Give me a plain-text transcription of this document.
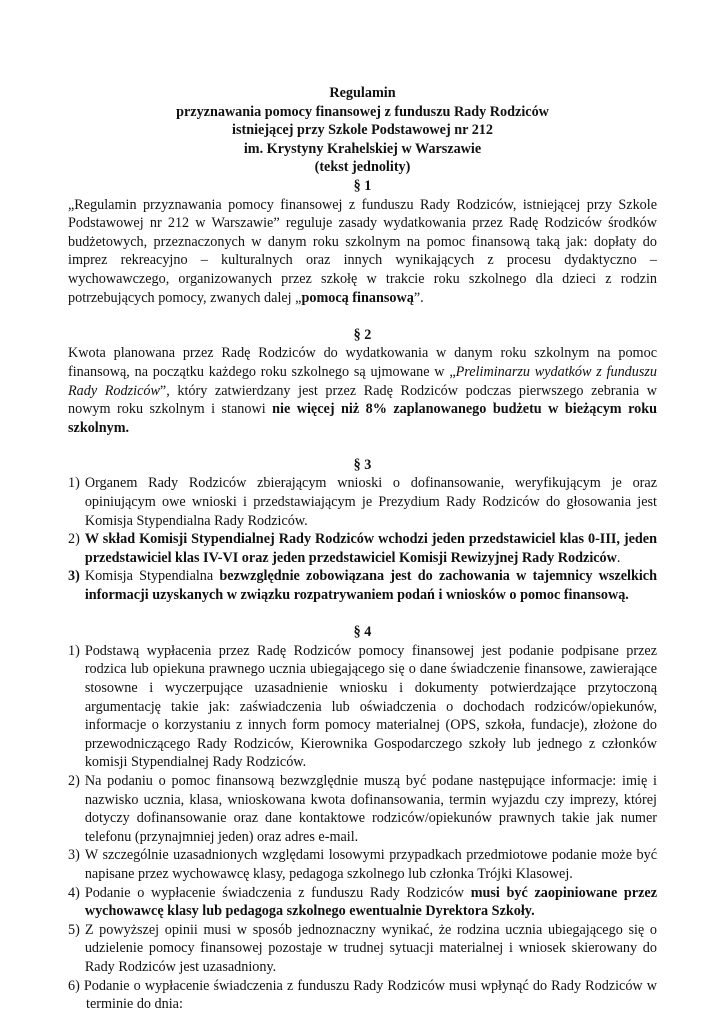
Regulamin
przyznawania pomocy finansowej z funduszu Rady Rodziców
istniejącej przy Szkole Podstawowej nr 212
im. Krystyny Krahelskiej w Warszawie
(tekst jednolity)
§ 1
„Regulamin przyznawania pomocy finansowej z funduszu Rady Rodziców, istniejącej przy Szkole Podstawowej nr 212 w Warszawie” reguluje zasady wydatkowania przez Radę Rodziców środków budżetowych, przeznaczonych w danym roku szkolnym na pomoc finansową taką jak: dopłaty do imprez rekreacyjno – kulturalnych oraz innych wynikających z procesu dydaktyczno – wychowawczego, organizowanych przez szkołę w trakcie roku szkolnego dla dzieci z rodzin potrzebujących pomocy, zwanych dalej „pomocą finansową”.
§ 2
Kwota planowana przez Radę Rodziców do wydatkowania w danym roku szkolnym na pomoc finansową, na początku każdego roku szkolnego są ujmowane w „Preliminarzu wydatków z funduszu Rady Rodziców”, który zatwierdzany jest przez Radę Rodziców podczas pierwszego zebrania w nowym roku szkolnym i stanowi nie więcej niż 8% zaplanowanego budżetu w bieżącym roku szkolnym.
§ 3
1) Organem Rady Rodziców zbierającym wnioski o dofinansowanie, weryfikującym je oraz opiniującym owe wnioski i przedstawiającym je Prezydium Rady Rodziców do głosowania jest Komisja Stypendialna Rady Rodziców.
2) W skład Komisji Stypendialnej Rady Rodziców wchodzi jeden przedstawiciel klas 0-III, jeden przedstawiciel klas IV-VI oraz jeden przedstawiciel Komisji Rewizyjnej Rady Rodziców.
3) Komisja Stypendialna bezwzględnie zobowiązana jest do zachowania w tajemnicy wszelkich informacji uzyskanych w związku rozpatrywaniem podań i wniosków o pomoc finansową.
§ 4
1) Podstawą wypłacenia przez Radę Rodziców pomocy finansowej jest podanie podpisane przez rodzica lub opiekuna prawnego ucznia ubiegającego się o dane świadczenie finansowe, zawierające stosowne i wyczerpujące uzasadnienie wniosku i dokumenty potwierdzające przytoczoną argumentację takie jak: zaświadczenia lub oświadczenia o dochodach rodziców/opiekunów, informacje o korzystaniu z innych form pomocy materialnej (OPS, szkoła, fundacje), złożone do przewodniczącego Rady Rodziców, Kierownika Gospodarczego szkoły lub jednego z członków komisji Stypendialnej Rady Rodziców.
2) Na podaniu o pomoc finansową bezwzględnie muszą być podane następujące informacje: imię i nazwisko ucznia, klasa, wnioskowana kwota dofinansowania, termin wyjazdu czy imprezy, której dotyczy dofinansowanie oraz dane kontaktowe rodziców/opiekunów prawnych takie jak numer telefonu (przynajmniej jeden) oraz adres e-mail.
3) W szczególnie uzasadnionych względami losowymi przypadkach przedmiotowe podanie może być napisane przez wychowawcę klasy, pedagoga szkolnego lub członka Trójki Klasowej.
4) Podanie o wypłacenie świadczenia z funduszu Rady Rodziców musi być zaopiniowane przez wychowawcę klasy lub pedagoga szkolnego ewentualnie Dyrektora Szkoły.
5) Z powyższej opinii musi w sposób jednoznaczny wynikać, że rodzina ucznia ubiegającego się o udzielenie pomocy finansowej pozostaje w trudnej sytuacji materialnej i wniosek skierowany do Rady Rodziców jest uzasadniony.
6) Podanie o wypłacenie świadczenia z funduszu Rady Rodziców musi wpłynąć do Rady Rodziców w terminie do dnia:
